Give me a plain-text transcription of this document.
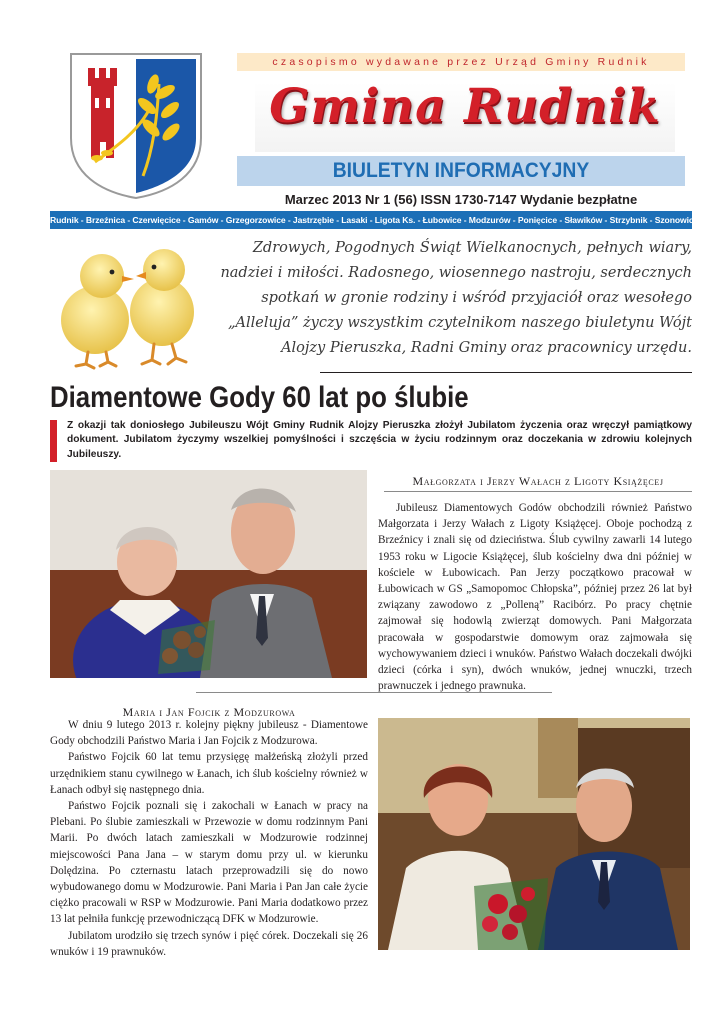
czasopismo wydawane przez Urząd Gminy Rudnik
Gmina Rudnik
BIULETYN INFORMACYJNY
Marzec 2013 Nr 1 (56) ISSN 1730-7147 Wydanie bezpłatne
Rudnik - Brzeźnica - Czerwięcice - Gamów - Grzegorzowice - Jastrzębie - Lasaki - Ligota Ks. - Łubowice - Modzurów - Ponięcice - Sławików - Strzybnik - Szonowice
Zdrowych, Pogodnych Świąt Wielkanocnych, pełnych wiary, nadziei i miłości. Radosnego, wiosennego nastroju, serdecznych spotkań w gronie rodziny i wśród przyjaciół oraz wesołego „Alleluja” życzy wszystkim czytelnikom naszego biuletynu Wójt Alojzy Pieruszka, Radni Gminy oraz pracownicy urzędu.
Diamentowe Gody 60 lat po ślubie
Z okazji tak doniosłego Jubileuszu Wójt Gminy Rudnik Alojzy Pieruszka złożył Jubilatom życzenia oraz wręczył pamiątkowy dokument. Jubilatom życzymy wszelkiej pomyślności i szczęścia w życiu rodzinnym oraz doczekania w zdrowiu kolejnych Jubileuszy.
Małgorzata i Jerzy Wałach z Ligoty Książęcej

Jubileusz Diamentowych Godów obchodzili również Państwo Małgorzata i Jerzy Wałach z Ligoty Książęcej. Oboje pochodzą z Brzeźnicy i znali się od dzieciństwa. Ślub cywilny zawarli 14 lutego 1953 roku w Ligocie Książęcej, ślub kościelny dwa dni później w kościele w Łubowicach. Pan Jerzy początkowo pracował w Łubowicach w GS „Samopomoc Chłopska”, później przez 26 lat był związany zawodowo z „Polleną” Racibórz. Po pracy chętnie zajmował się hodowlą zwierząt domowych. Pani Małgorzata pracowała w gospodarstwie domowym oraz zajmowała się wychowywaniem dzieci i wnuków. Państwo Wałach doczekali dwójki dzieci (córka i syn), dwóch wnuków, jednej wnuczki, trzech prawnuczek i jednego prawnuka.

Maria i Jan Fojcik z Modzurowa

W dniu 9 lutego 2013 r. kolejny piękny jubileusz - Diamentowe Gody obchodzili Państwo Maria i Jan Fojcik z Modzurowa.

Państwo Fojcik 60 lat temu przysięgę małżeńską złożyli przed urzędnikiem stanu cywilnego w Łanach, ich ślub kościelny również w Łanach odbył się następnego dnia.

Państwo Fojcik poznali się i zakochali w Łanach w pracy na Plebani. Po ślubie zamieszkali w Przewozie w domu rodzinnym Pani Marii. Po dwóch latach zamieszkali w Modzurowie rodzinnej miejscowości Pana Jana – w starym domu przy ul. w kierunku Dolędzina. Po czternastu latach przeprowadzili się do nowo wybudowanego domu w Modzurowie. Pani Maria i Pan Jan całe życie ciężko pracowali w RSP w Modzurowie. Pani Maria dodatkowo przez 13 lat pełniła funkcję przewodniczącą DFK w Modzurowie.

Jubilatom urodziło się trzech synów i pięć córek. Doczekali się 26 wnuków i 19 prawnuków.
